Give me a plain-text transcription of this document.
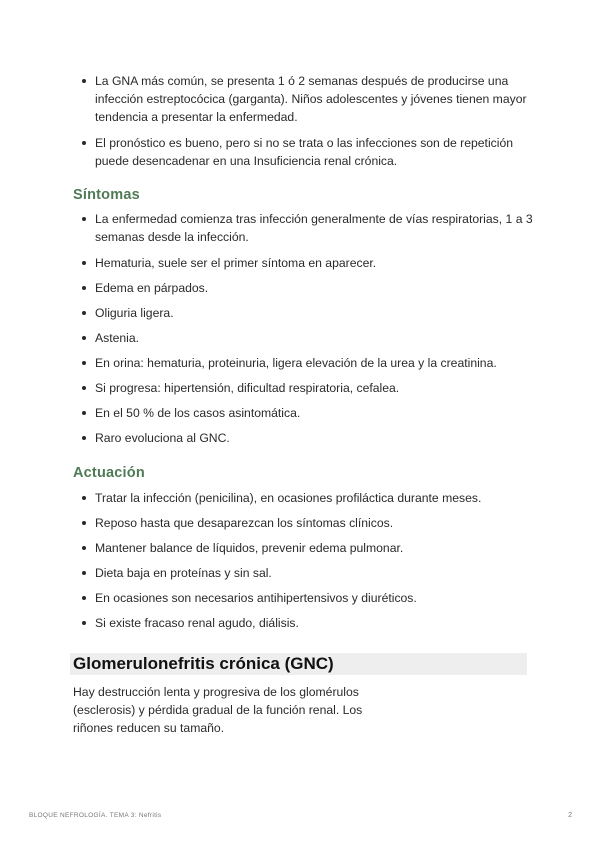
La GNA más común, se presenta 1 ó 2 semanas después de producirse una infección estreptocócica (garganta). Niños adolescentes y jóvenes tienen mayor tendencia a presentar la enfermedad.
El pronóstico es bueno, pero si no se trata o las infecciones son de repetición puede desencadenar en una Insuficiencia renal crónica.
Síntomas
La enfermedad comienza tras infección generalmente de vías respiratorias, 1 a 3 semanas desde la infección.
Hematuria, suele ser el primer síntoma en aparecer.
Edema en párpados.
Oliguria ligera.
Astenia.
En orina: hematuria, proteinuria, ligera elevación de la urea y la creatinina.
Si progresa: hipertensión, dificultad respiratoria, cefalea.
En el 50 % de los casos asintomática.
Raro evoluciona al GNC.
Actuación
Tratar la infección (penicilina), en ocasiones profiláctica durante meses.
Reposo hasta que desaparezcan los síntomas clínicos.
Mantener balance de líquidos, prevenir edema pulmonar.
Dieta baja en proteínas y sin sal.
En ocasiones son necesarios antihipertensivos y diuréticos.
Si existe fracaso renal agudo, diálisis.
Glomerulonefritis crónica (GNC)

Hay destrucción lenta y progresiva de los glomérulos (esclerosis) y pérdida gradual de la función renal. Los riñones reducen su tamaño.

BLOQUE NEFROLOGÍA. TEMA 3: Nefritis	2
